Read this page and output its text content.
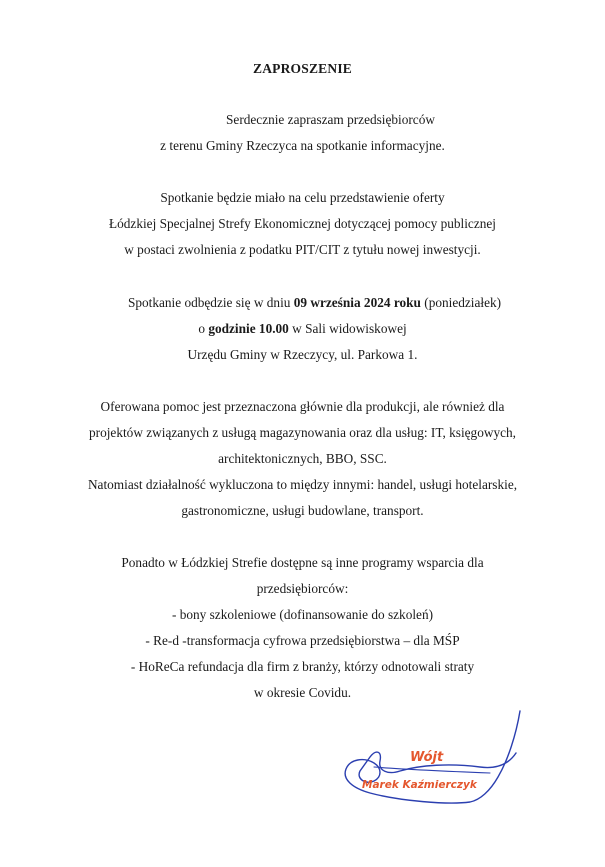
ZAPROSZENIE
Serdecznie zapraszam przedsiębiorców
z terenu Gminy Rzeczyca na spotkanie informacyjne.
Spotkanie będzie miało na celu przedstawienie oferty
Łódzkiej Specjalnej Strefy Ekonomicznej dotyczącej pomocy publicznej
w postaci zwolnienia z podatku PIT/CIT z tytułu nowej inwestycji.
Spotkanie odbędzie się w dniu 09 września 2024 roku (poniedziałek)
o godzinie 10.00 w Sali widowiskowej
Urzędu Gminy w Rzeczycy, ul. Parkowa 1.
Oferowana pomoc jest przeznaczona głównie dla produkcji, ale również dla
projektów związanych z usługą magazynowania oraz dla usług: IT, księgowych,
architektonicznych, BBO, SSC.
Natomiast działalność wykluczona to między innymi: handel, usługi hotelarskie,
gastronomiczne, usługi budowlane, transport.
Ponadto w Łódzkiej Strefie dostępne są inne programy wsparcia dla
przedsiębiorców:
- bony szkoleniowe (dofinansowanie do szkoleń)
- Re-d -transformacja cyfrowa przedsiębiorstwa – dla MŚP
- HoReCa refundacja dla firm z branży, którzy odnotowali straty
w okresie Covidu.
Wójt
Marek Kaźmierczyk
